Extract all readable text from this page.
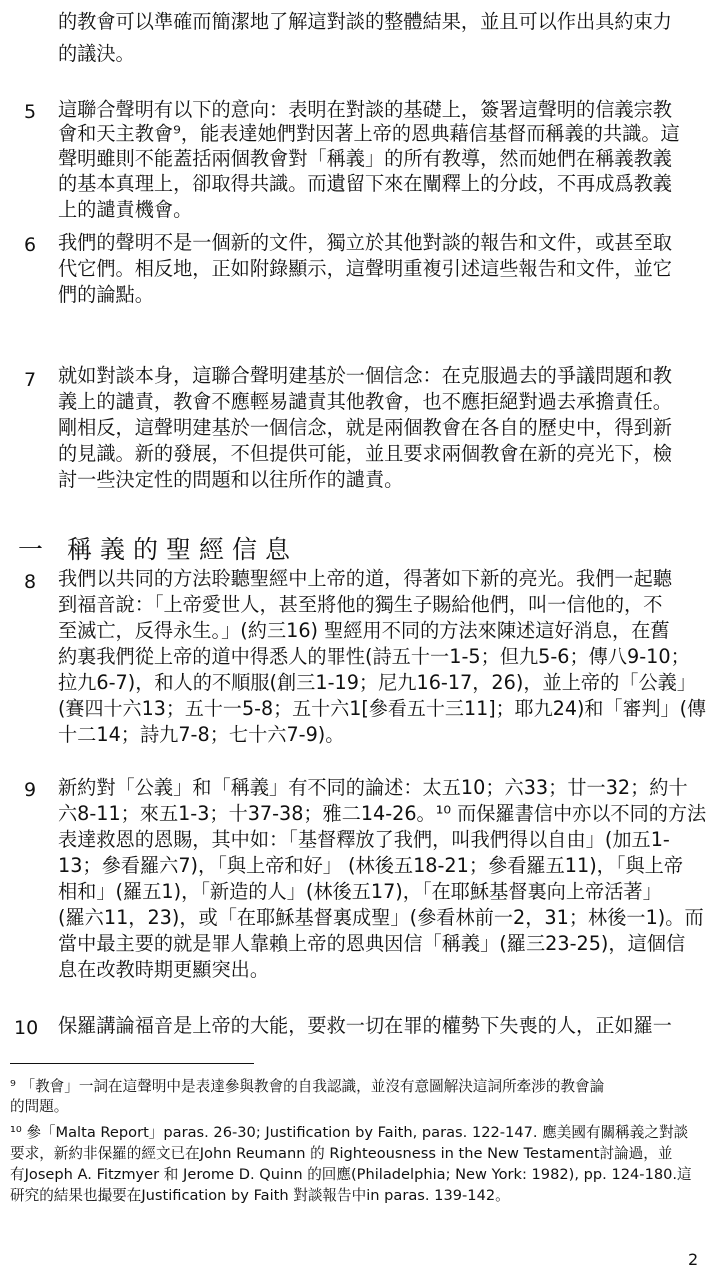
的教會可以準確而簡潔地了解這對談的整體結果，並且可以作出具約束力
的議決。
5 這聯合聲明有以下的意向：表明在對談的基礎上，簽署這聲明的信義宗教
會和天主教會⁹，能表達她們對因著上帝的恩典藉信基督而稱義的共識。這
聲明雖則不能蓋括兩個教會對「稱義」的所有教導，然而她們在稱義教義
的基本真理上，卻取得共識。而遺留下來在闡釋上的分歧，不再成爲教義
上的譴責機會。
6 我們的聲明不是一個新的文件，獨立於其他對談的報告和文件，或甚至取
代它們。相反地，正如附錄顯示，這聲明重複引述這些報告和文件，並它
們的論點。
7 就如對談本身，這聯合聲明建基於一個信念：在克服過去的爭議問題和教
義上的譴責，教會不應輕易譴責其他教會，也不應拒絕對過去承擔責任。
剛相反，這聲明建基於一個信念，就是兩個教會在各自的歷史中，得到新
的見識。新的發展，不但提供可能，並且要求兩個教會在新的亮光下，檢
討一些決定性的問題和以往所作的譴責。
一 稱義的聖經信息
8 我們以共同的方法聆聽聖經中上帝的道，得著如下新的亮光。我們一起聽
到福音說：「上帝愛世人，甚至將他的獨生子賜給他們，叫一信他的，不
至滅亡，反得永生。」(約三16) 聖經用不同的方法來陳述這好消息，在舊
約裏我們從上帝的道中得悉人的罪性(詩五十一1-5；但九5-6；傳八9-10；
拉九6-7)，和人的不順服(創三1-19；尼九16-17，26)，並上帝的「公義」
(賽四十六13；五十一5-8；五十六1[參看五十三11]；耶九24)和「審判」(傳
十二14；詩九7-8；七十六7-9)。
9 新約對「公義」和「稱義」有不同的論述：太五10；六33；廿一32；約十
六8-11；來五1-3；十37-38；雅二14-26。¹⁰ 而保羅書信中亦以不同的方法
表達救恩的恩賜，其中如：「基督釋放了我們，叫我們得以自由」(加五1-
13；參看羅六7)，「與上帝和好」 (林後五18-21；參看羅五11)，「與上帝
相和」(羅五1)，「新造的人」(林後五17)，「在耶穌基督裏向上帝活著」
(羅六11，23)，或「在耶穌基督裏成聖」(參看林前一2，31；林後一1)。而
當中最主要的就是罪人靠賴上帝的恩典因信「稱義」(羅三23-25)，這個信
息在改教時期更顯突出。
10 保羅講論福音是上帝的大能，要救一切在罪的權勢下失喪的人，正如羅一
⁹ 「教會」一詞在這聲明中是表達參與教會的自我認識，並沒有意圖解決這詞所牽涉的教會論
的問題。
¹⁰ 參「Malta Report」paras. 26-30; Justification by Faith, paras. 122-147. 應美國有關稱義之對談
要求，新約非保羅的經文已在John Reumann 的 Righteousness in the New Testament討論過，並
有Joseph A. Fitzmyer 和 Jerome D. Quinn 的回應(Philadelphia; New York: 1982), pp. 124-180.這
研究的結果也撮要在Justification by Faith 對談報告中in paras. 139-142。
2
